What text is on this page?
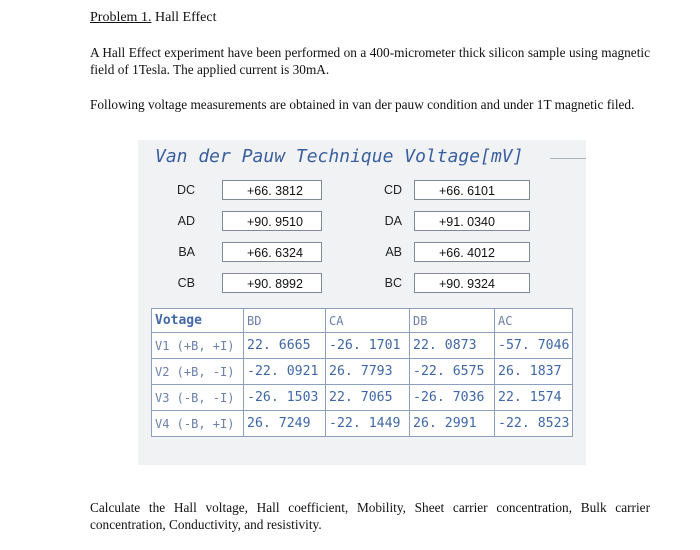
Problem 1. Hall Effect
A Hall Effect experiment have been performed on a 400-micrometer thick silicon sample using magnetic field of 1Tesla. The applied current is 30mA.
Following voltage measurements are obtained in van der pauw condition and under 1T magnetic filed.
Van der Pauw Technique Voltage[mV]
DC	+66. 3812	CD	+66. 6101
AD	+90. 9510	DA	+91. 0340
BA	+66. 6324	AB	+66. 4012
CB	+90. 8992	BC	+90. 9324
Votage	BD	CA	DB	AC
V1 (+B, +I)	22. 6665	-26. 1701	22. 0873	-57. 7046
V2 (+B, -I)	-22. 0921	26. 7793	-22. 6575	26. 1837
V3 (-B, -I)	-26. 1503	22. 7065	-26. 7036	22. 1574
V4 (-B, +I)	26. 7249	-22. 1449	26. 2991	-22. 8523
Calculate the Hall voltage, Hall coefficient, Mobility, Sheet carrier concentration, Bulk carrier concentration, Conductivity, and resistivity.
